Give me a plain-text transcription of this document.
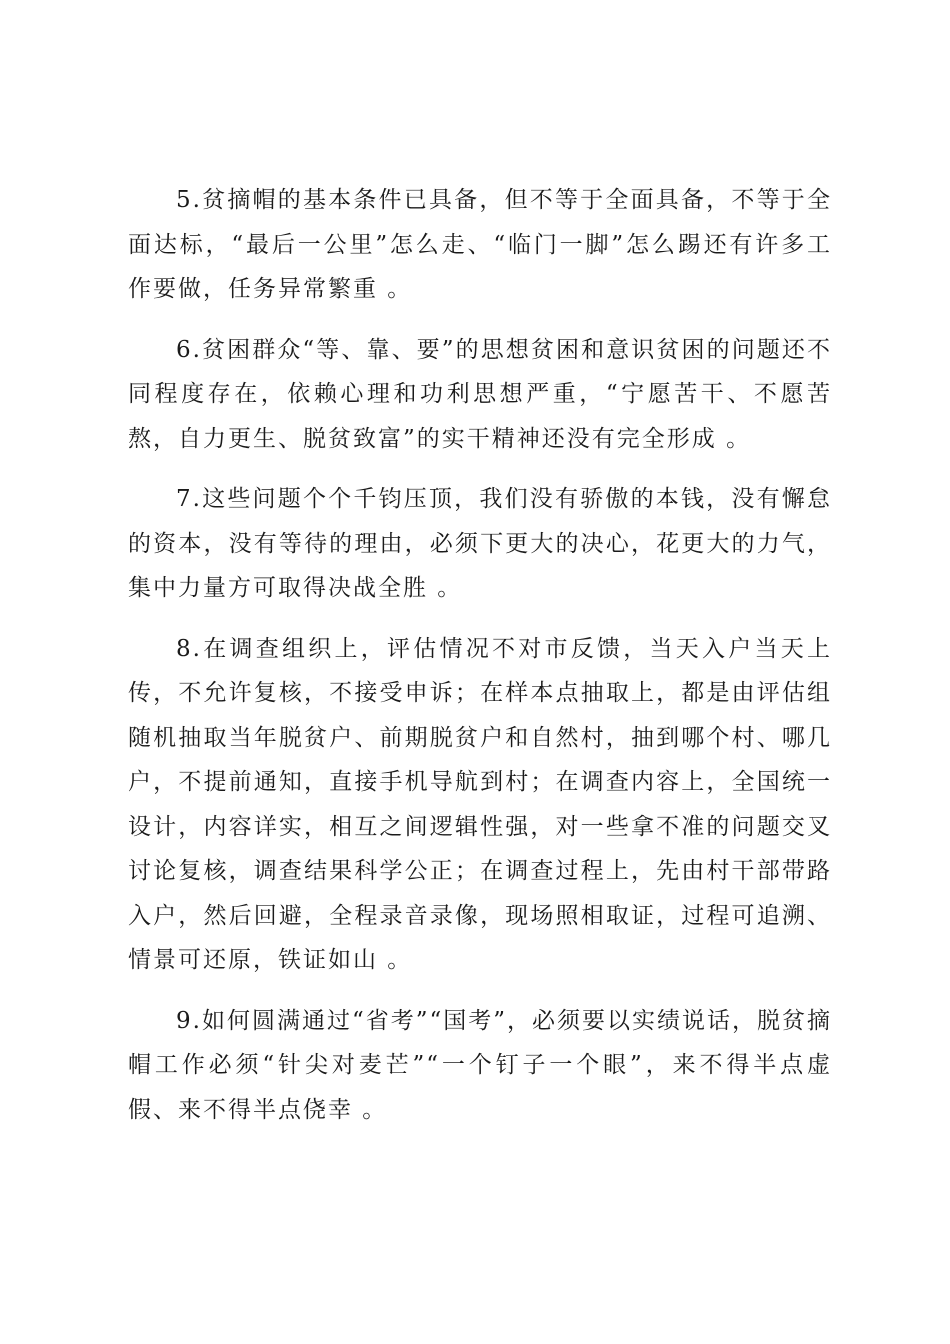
5.贫摘帽的基本条件已具备，但不等于全面具备，不等于全面达标，“最后一公里”怎么走、“临门一脚”怎么踢还有许多工作要做，任务异常繁重 。

6.贫困群众“等、靠、要”的思想贫困和意识贫困的问题还不同程度存在，依赖心理和功利思想严重，“宁愿苦干、不愿苦熬，自力更生、脱贫致富”的实干精神还没有完全形成 。

7.这些问题个个千钧压顶，我们没有骄傲的本钱，没有懈怠的资本，没有等待的理由，必须下更大的决心，花更大的力气，集中力量方可取得决战全胜 。

8.在调查组织上，评估情况不对市反馈，当天入户当天上传，不允许复核，不接受申诉；在样本点抽取上，都是由评估组随机抽取当年脱贫户、前期脱贫户和自然村，抽到哪个村、哪几户，不提前通知，直接手机导航到村；在调查内容上，全国统一设计，内容详实，相互之间逻辑性强，对一些拿不准的问题交叉讨论复核，调查结果科学公正；在调查过程上，先由村干部带路入户，然后回避，全程录音录像，现场照相取证，过程可追溯、情景可还原，铁证如山 。

9.如何圆满通过“省考”“国考”，必须要以实绩说话，脱贫摘帽工作必须“针尖对麦芒”“一个钉子一个眼”，来不得半点虚假、来不得半点侥幸 。
